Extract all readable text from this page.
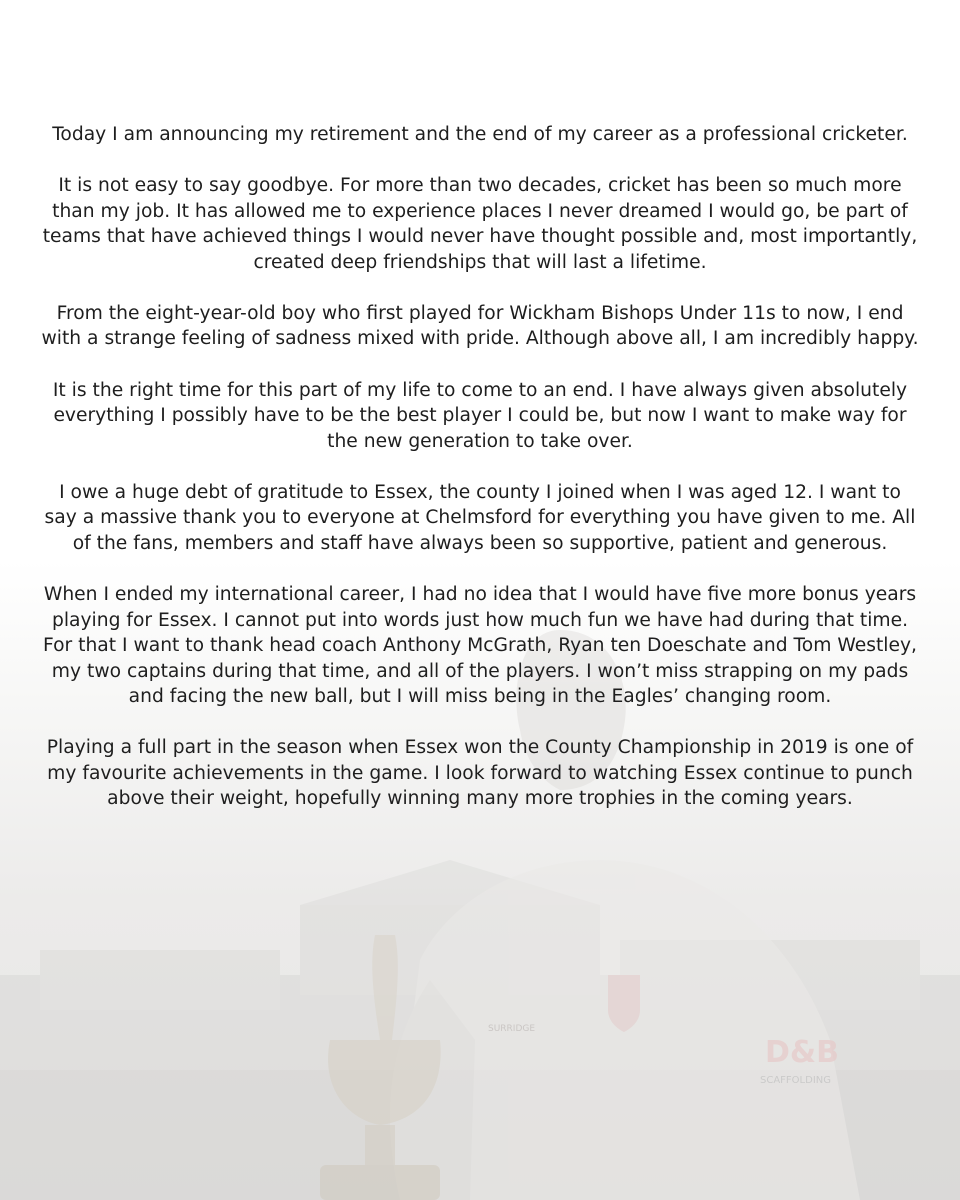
SURRIDGE
D&B
SCAFFOLDING

Today I am announcing my retirement and the end of my career as a professional cricketer.

It is not easy to say goodbye. For more than two decades, cricket has been so much more than my job. It has allowed me to experience places I never dreamed I would go, be part of teams that have achieved things I would never have thought possible and, most importantly, created deep friendships that will last a lifetime.

From the eight-year-old boy who first played for Wickham Bishops Under 11s to now, I end with a strange feeling of sadness mixed with pride. Although above all, I am incredibly happy.

It is the right time for this part of my life to come to an end. I have always given absolutely everything I possibly have to be the best player I could be, but now I want to make way for the new generation to take over.

I owe a huge debt of gratitude to Essex, the county I joined when I was aged 12. I want to say a massive thank you to everyone at Chelmsford for everything you have given to me. All of the fans, members and staff have always been so supportive, patient and generous.

When I ended my international career, I had no idea that I would have five more bonus years playing for Essex. I cannot put into words just how much fun we have had during that time. For that I want to thank head coach Anthony McGrath, Ryan ten Doeschate and Tom Westley, my two captains during that time, and all of the players. I won’t miss strapping on my pads and facing the new ball, but I will miss being in the Eagles’ changing room.

Playing a full part in the season when Essex won the County Championship in 2019 is one of my favourite achievements in the game. I look forward to watching Essex continue to punch above their weight, hopefully winning many more trophies in the coming years.
